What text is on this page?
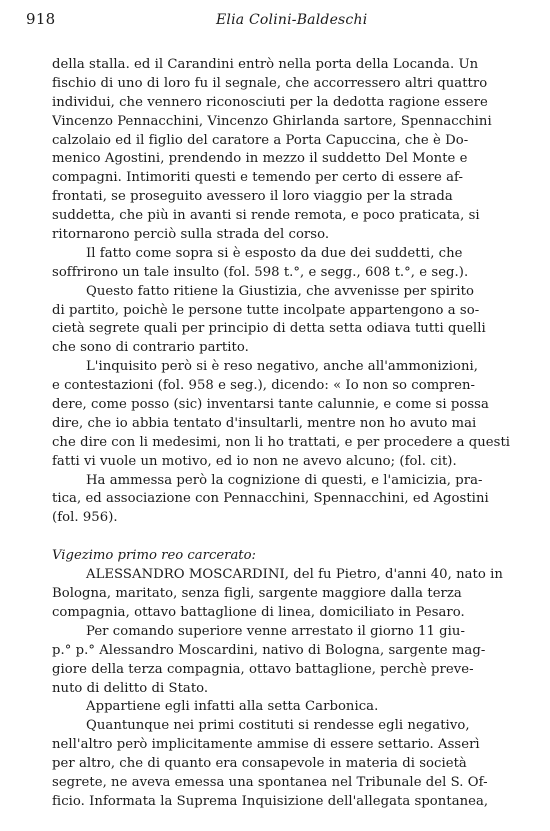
918	Elia Colini-Baldeschi
della stalla. ed il Carandini entrò nella porta della Locanda. Un
fischio di uno di loro fu il segnale, che accorressero altri quattro
individui, che vennero riconosciuti per la dedotta ragione essere
Vincenzo Pennacchini, Vincenzo Ghirlanda sartore, Spennacchini
calzolaio ed il figlio del caratore a Porta Capuccina, che è Do-
menico Agostini, prendendo in mezzo il suddetto Del Monte e
compagni. Intimoriti questi e temendo per certo di essere af-
frontati, se proseguito avessero il loro viaggio per la strada
suddetta, che più in avanti si rende remota, e poco praticata, si
ritornarono perciò sulla strada del corso.
Il fatto come sopra si è esposto da due dei suddetti, che
soffrirono un tale insulto (fol. 598 t.°, e segg., 608 t.°, e seg.).
Questo fatto ritiene la Giustizia, che avvenisse per spirito
di partito, poichè le persone tutte incolpate appartengono a so-
cietà segrete quali per principio di detta setta odiava tutti quelli
che sono di contrario partito.
L'inquisito però si è reso negativo, anche all'ammonizioni,
e contestazioni (fol. 958 e seg.), dicendo: « Io non so compren-
dere, come posso (sic) inventarsi tante calunnie, e come si possa
dire, che io abbia tentato d'insultarli, mentre non ho avuto mai
che dire con li medesimi, non li ho trattati, e per procedere a questi
fatti vi vuole un motivo, ed io non ne avevo alcuno; (fol. cit).
Ha ammessa però la cognizione di questi, e l'amicizia, pra-
tica, ed associazione con Pennacchini, Spennacchini, ed Agostini
(fol. 956).
Vigezimo primo reo carcerato:
ALESSANDRO MOSCARDINI, del fu Pietro, d'anni 40, nato in
Bologna, maritato, senza figli, sargente maggiore dalla terza
compagnia, ottavo battaglione di linea, domiciliato in Pesaro.
Per comando superiore venne arrestato il giorno 11 giu-
p.° p.° Alessandro Moscardini, nativo di Bologna, sargente mag-
giore della terza compagnia, ottavo battaglione, perchè preve-
nuto di delitto di Stato.
Appartiene egli infatti alla setta Carbonica.
Quantunque nei primi costituti si rendesse egli negativo,
nell'altro però implicitamente ammise di essere settario. Asserì
per altro, che di quanto era consapevole in materia di società
segrete, ne aveva emessa una spontanea nel Tribunale del S. Of-
ficio. Informata la Suprema Inquisizione dell'allegata spontanea,
